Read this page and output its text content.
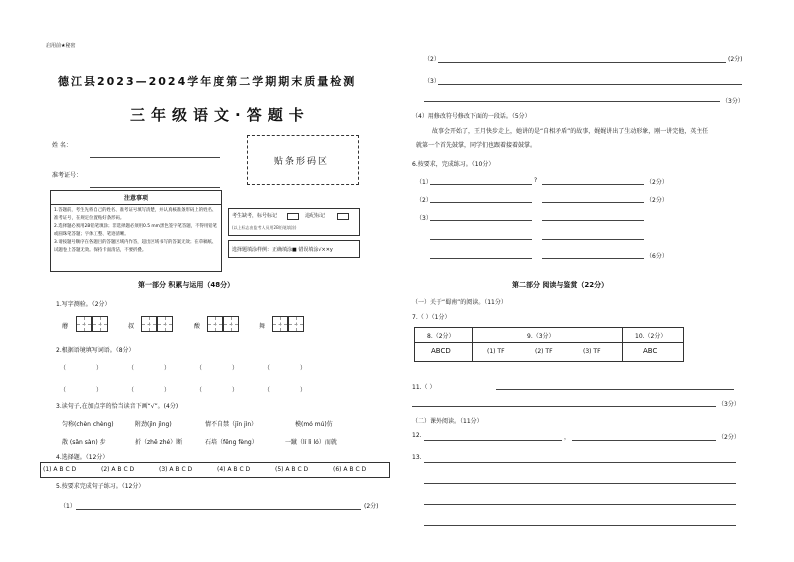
启用前★秘密
德江县2023—2024学年度第二学期期末质量检测
三年级语文·答题卡
姓 名：
准考证号：
贴条形码区
注意事项
1.答题前，考生先将自己的姓名、准考证号填写清楚，并认真核准条形码上的姓名、准考证号，在规定位置贴好条形码。
2.选择题必须用2B铅笔填涂；非选择题必须用0.5 mm黑色签字笔答题，不得用铅笔或圆珠笔答题；字体工整、笔迹清晰。
3.请按题号顺序在各题目的答题区域内作答，超出区域书写的答案无效；在草稿纸、试题卷上答题无效。保持卡面清洁，不要折叠。
考生缺考，标号标记	违纪标记
(以上标志由监考人员用2B铅笔填涂)
选择题填涂样例：正确填涂■ 错误填涂√×✕y
第一部分 积累与运用（48分）
1.写字测验。（2分）
蘑	叔	酸	舞
2.根据语境填写词语。（8分）
（	）	（	）	（	）	（	）
（	）	（	）	（	）	（	）
3.读句子,在加点字的恰当读音下画“√”。(4分)
匀称(chèn chèng)	附劲(jìn jìng)	情不自禁（jīn jìn）	模(mó mú)仿
散 (sǎn sàn) 步	折（zhē zhé）断	石培（fēng fèng）	一蹴（lí lì ló）而就
4.选择题。（12分）
(1) A B C D	(2) A B C D	(3) A B C D	(4) A B C D	(5) A B C D	(6) A B C D
5.按要求完成句子练习。（12分）
（1）	(2分)
（2）	(2分)
（3）
（3分）
（4）用修改符号修改下面的一段话。（5分）
故事会开始了，王月快步走上，她讲的是“自相矛盾”的故事，娓娓讲出了生动形象，刚一讲完他，英主任
就第一个首先鼓掌，同学们也跟着接着鼓掌。
6.按要求，完成练习。（10分）
（1）	?	（2分）
（2）	（2分）
（3）
（6分）
第二部分 阅读与鉴赏（22分）
（一）关于“蜀南”的阅读。（11分）
7.（ ）（1分）
8.（2分）	9.（3分）	10.（2分）
ABCD	(1) TF	(2) TF	(3) TF	ABC
11.（ ）
（3分）
（二）课外阅读。（11分）
12.	，	（2分）
13.
